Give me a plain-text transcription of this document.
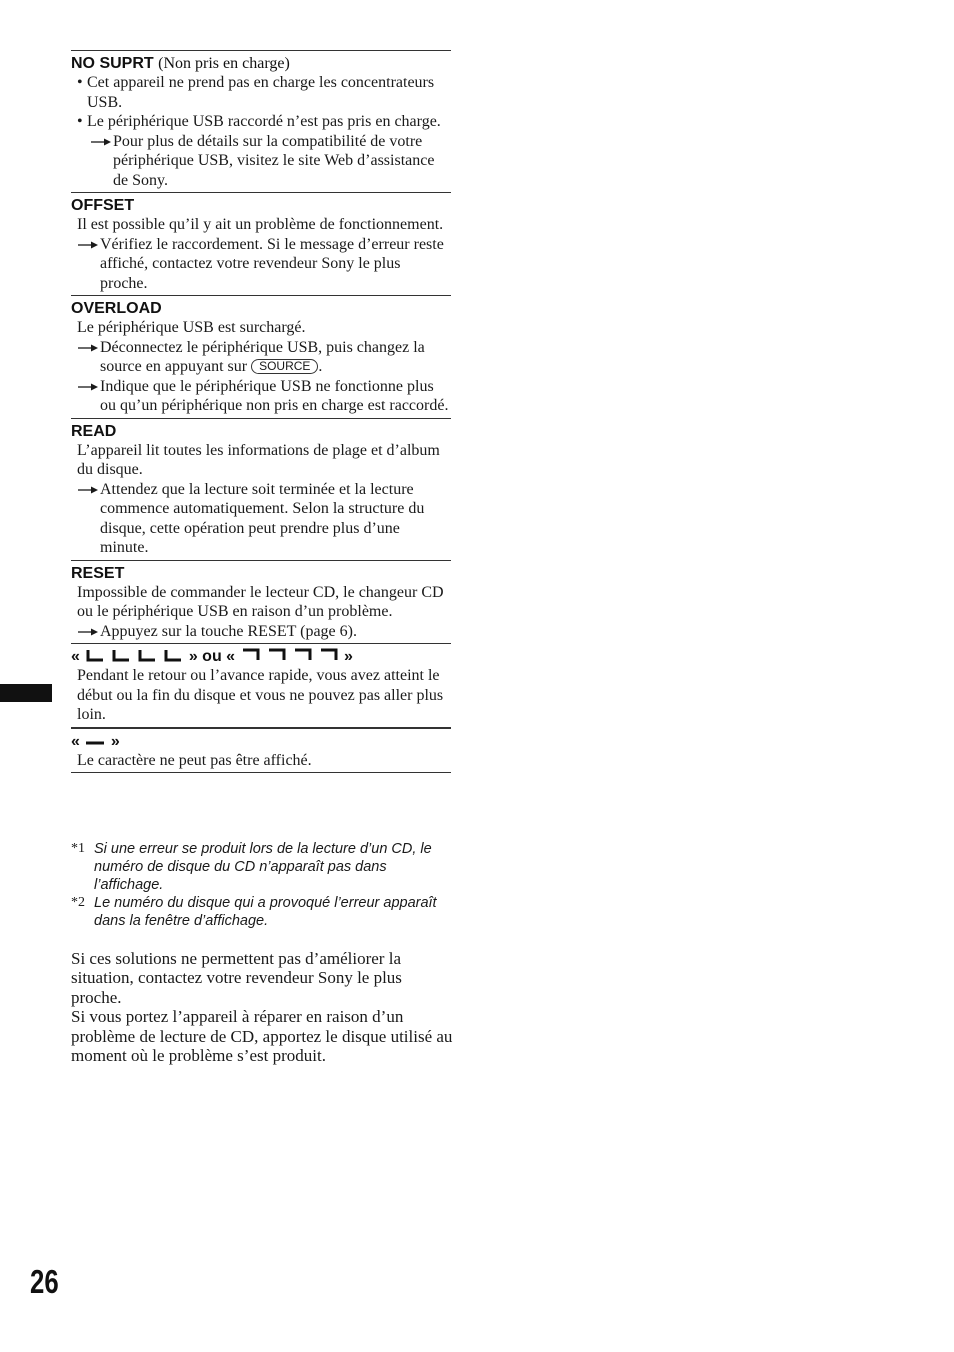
NO SUPRT (Non pris en charge)
• Cet appareil ne prend pas en charge les concentrateurs USB.
• Le périphérique USB raccordé n’est pas pris en charge.
Pour plus de détails sur la compatibilité de votre périphérique USB, visitez le site Web d’assistance de Sony.
OFFSET
Il est possible qu’il y ait un problème de fonctionnement.
Vérifiez le raccordement. Si le message d’erreur reste affiché, contactez votre revendeur Sony le plus proche.
OVERLOAD
Le périphérique USB est surchargé.
Déconnectez le périphérique USB, puis changez la source en appuyant sur SOURCE .
Indique que le périphérique USB ne fonctionne plus ou qu’un périphérique non pris en charge est raccordé.
READ
L’appareil lit toutes les informations de plage et d’album du disque.
Attendez que la lecture soit terminée et la lecture commence automatiquement. Selon la structure du disque, cette opération peut prendre plus d’une minute.
RESET
Impossible de commander le lecteur CD, le changeur CD ou le périphérique USB en raison d’un problème.
Appuyez sur la touche RESET (page 6).
«	» ou «	»
Pendant le retour ou l’avance rapide, vous avez atteint le début ou la fin du disque et vous ne pouvez pas aller plus loin.
« »
Le caractère ne peut pas être affiché.
*1 Si une erreur se produit lors de la lecture d’un CD, le numéro de disque du CD n’apparaît pas dans l’affichage.
*2 Le numéro du disque qui a provoqué l’erreur apparaît dans la fenêtre d’affichage.
Si ces solutions ne permettent pas d’améliorer la situation, contactez votre revendeur Sony le plus proche.
Si vous portez l’appareil à réparer en raison d’un problème de lecture de CD, apportez le disque utilisé au moment où le problème s’est produit.
26
